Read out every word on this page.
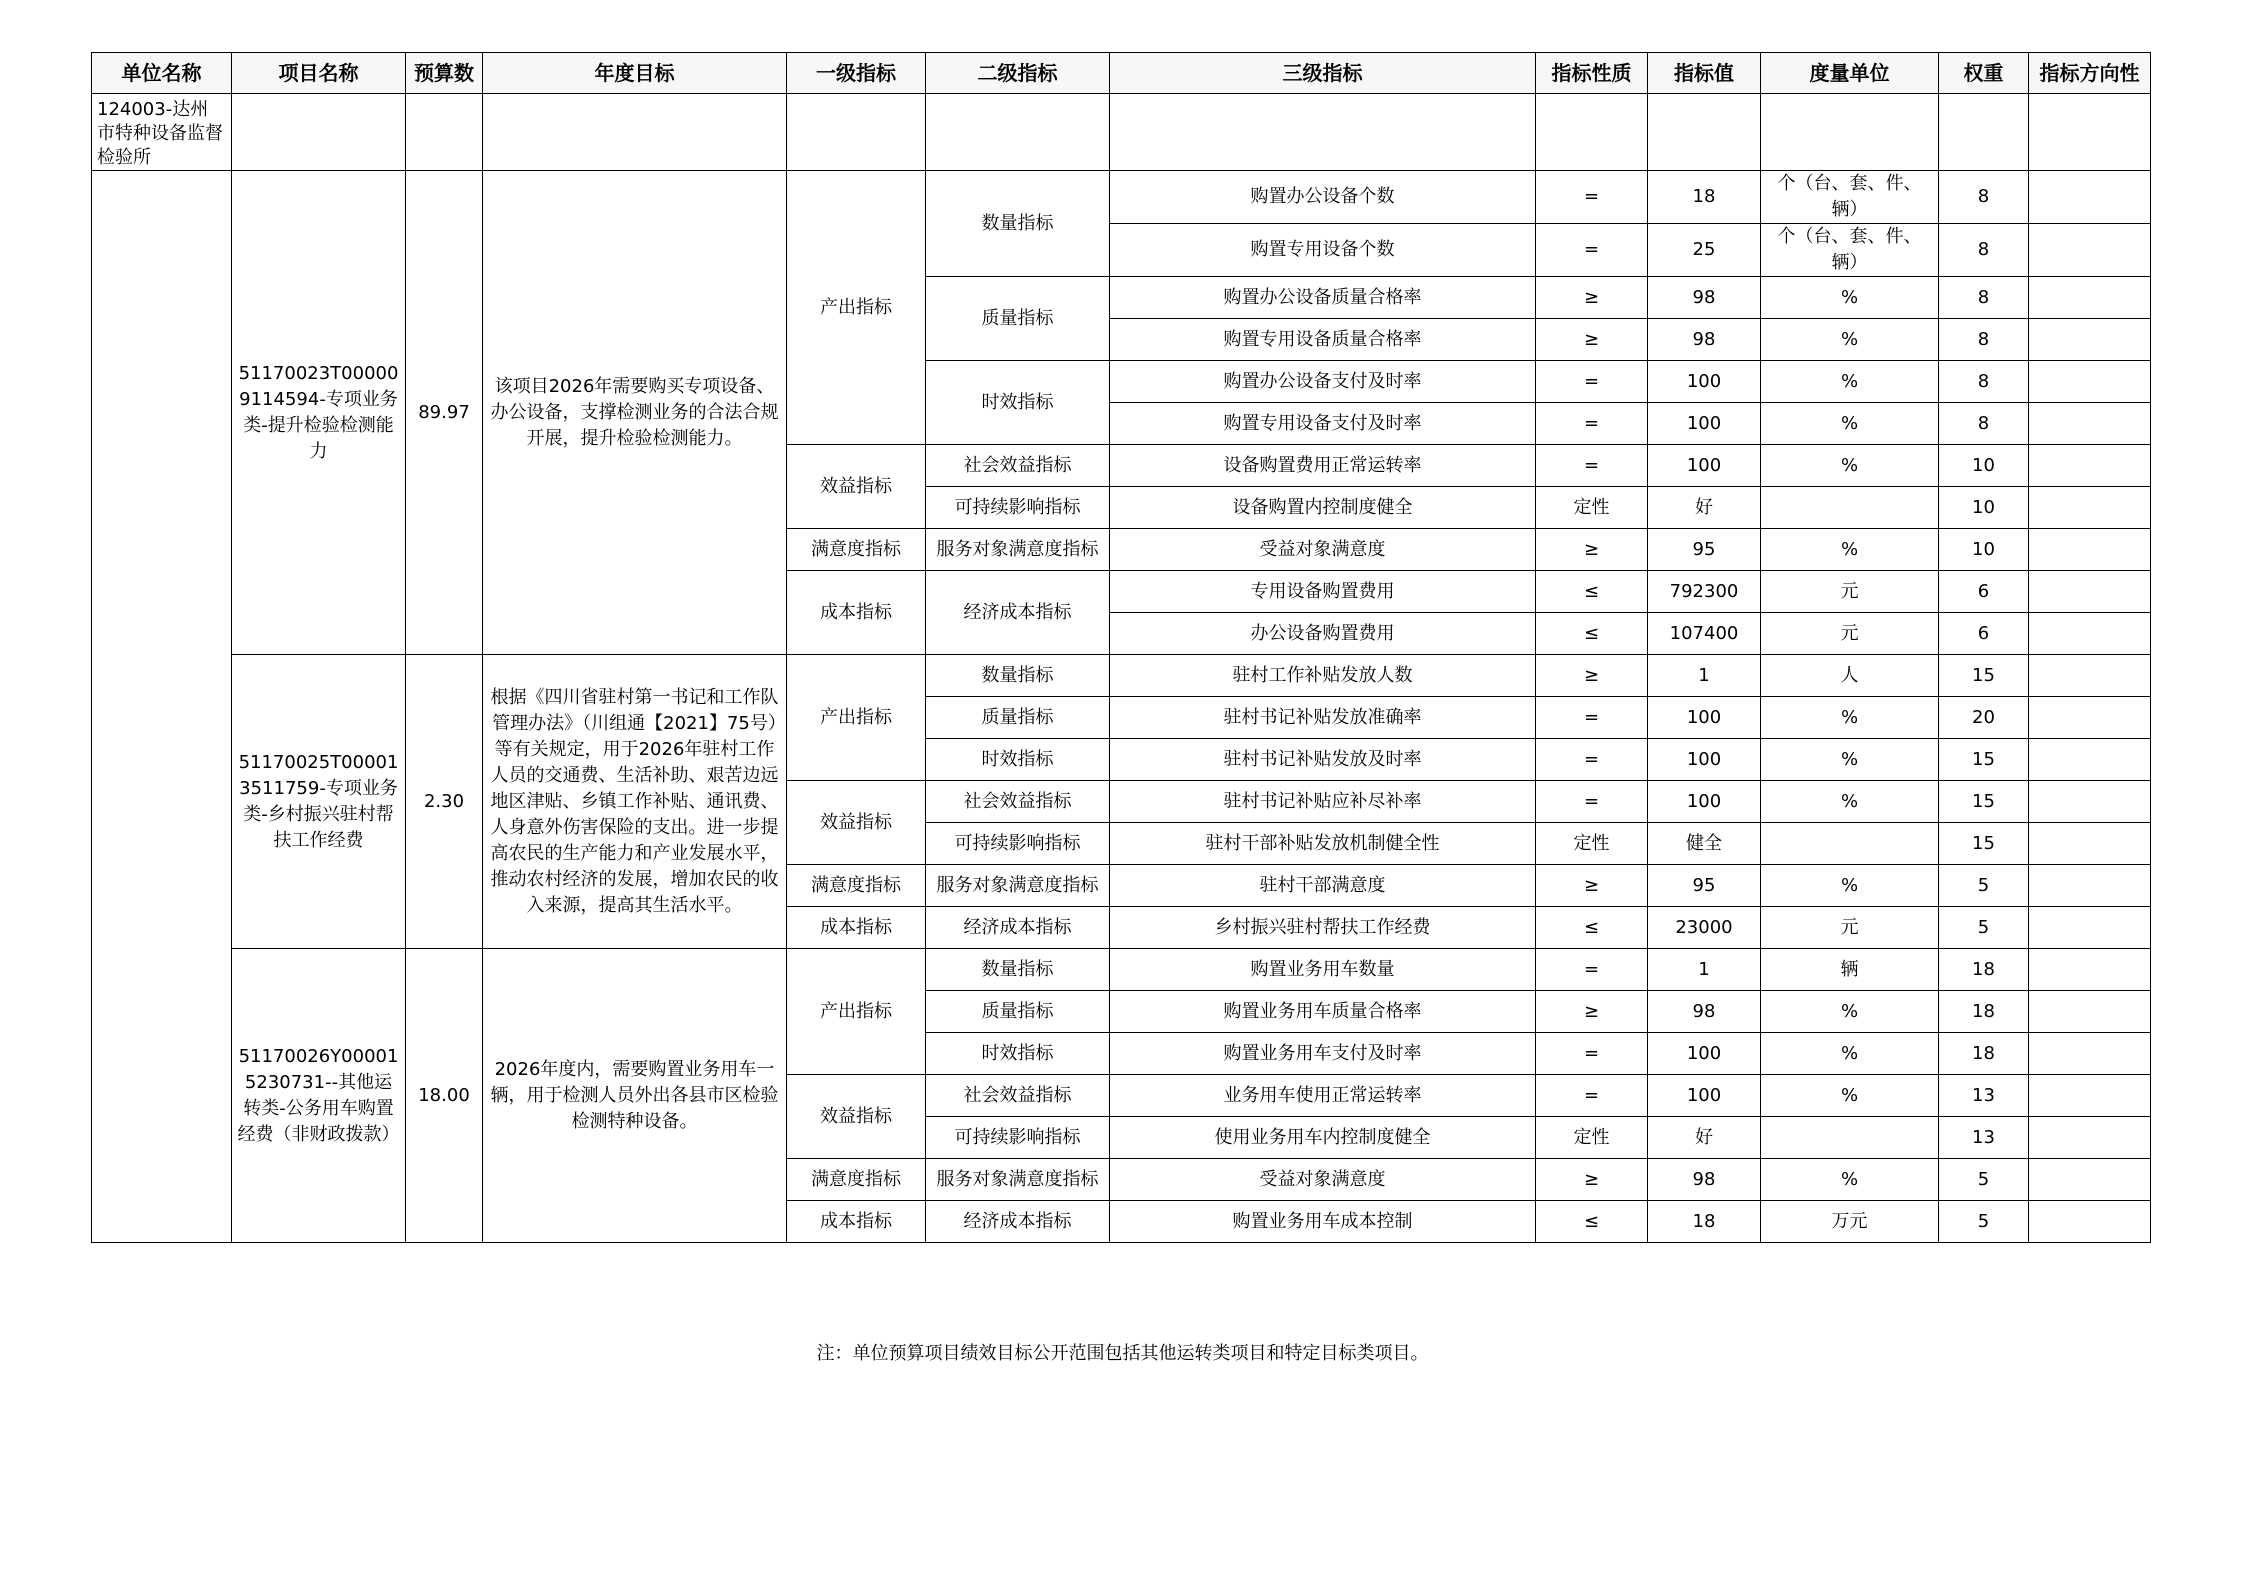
单位名称	项目名称	预算数	年度目标	一级指标	二级指标	三级指标	指标性质	指标值	度量单位	权重	指标方向性
124003-达州市特种设备监督检验所											
	51170023T000009114594-专项业务类-提升检验检测能力	89.97	该项目2026年需要购买专项设备、办公设备，支撑检测业务的合法合规开展，提升检验检测能力。	产出指标	数量指标	购置办公设备个数	=	18	个（台、套、件、辆）	8	
						购置专用设备个数	=	25	个（台、套、件、辆）	8	
					质量指标	购置办公设备质量合格率	≥	98	%	8	
						购置专用设备质量合格率	≥	98	%	8	
					时效指标	购置办公设备支付及时率	=	100	%	8	
						购置专用设备支付及时率	=	100	%	8	
				效益指标	社会效益指标	设备购置费用正常运转率	=	100	%	10	
					可持续影响指标	设备购置内控制度健全	定性	好		10	
				满意度指标	服务对象满意度指标	受益对象满意度	≥	95	%	10	
				成本指标	经济成本指标	专用设备购置费用	≤	792300	元	6	
						办公设备购置费用	≤	107400	元	6	
	51170025T000013511759-专项业务类-乡村振兴驻村帮扶工作经费	2.30	根据《四川省驻村第一书记和工作队管理办法》（川组通【2021】75号）等有关规定，用于2026年驻村工作人员的交通费、生活补助、艰苦边远地区津贴、乡镇工作补贴、通讯费、人身意外伤害保险的支出。进一步提高农民的生产能力和产业发展水平，推动农村经济的发展，增加农民的收入来源，提高其生活水平。	产出指标	数量指标	驻村工作补贴发放人数	≥	1	人	15	
					质量指标	驻村书记补贴发放准确率	=	100	%	20	
					时效指标	驻村书记补贴发放及时率	=	100	%	15	
				效益指标	社会效益指标	驻村书记补贴应补尽补率	=	100	%	15	
					可持续影响指标	驻村干部补贴发放机制健全性	定性	健全		15	
				满意度指标	服务对象满意度指标	驻村干部满意度	≥	95	%	5	
				成本指标	经济成本指标	乡村振兴驻村帮扶工作经费	≤	23000	元	5	
	51170026Y000015230731--其他运转类-公务用车购置经费（非财政拨款）	18.00	2026年度内，需要购置业务用车一辆，用于检测人员外出各县市区检验检测特种设备。	产出指标	数量指标	购置业务用车数量	=	1	辆	18	
					质量指标	购置业务用车质量合格率	≥	98	%	18	
					时效指标	购置业务用车支付及时率	=	100	%	18	
				效益指标	社会效益指标	业务用车使用正常运转率	=	100	%	13	
					可持续影响指标	使用业务用车内控制度健全	定性	好		13	
				满意度指标	服务对象满意度指标	受益对象满意度	≥	98	%	5	
				成本指标	经济成本指标	购置业务用车成本控制	≤	18	万元	5	
注：单位预算项目绩效目标公开范围包括其他运转类项目和特定目标类项目。
